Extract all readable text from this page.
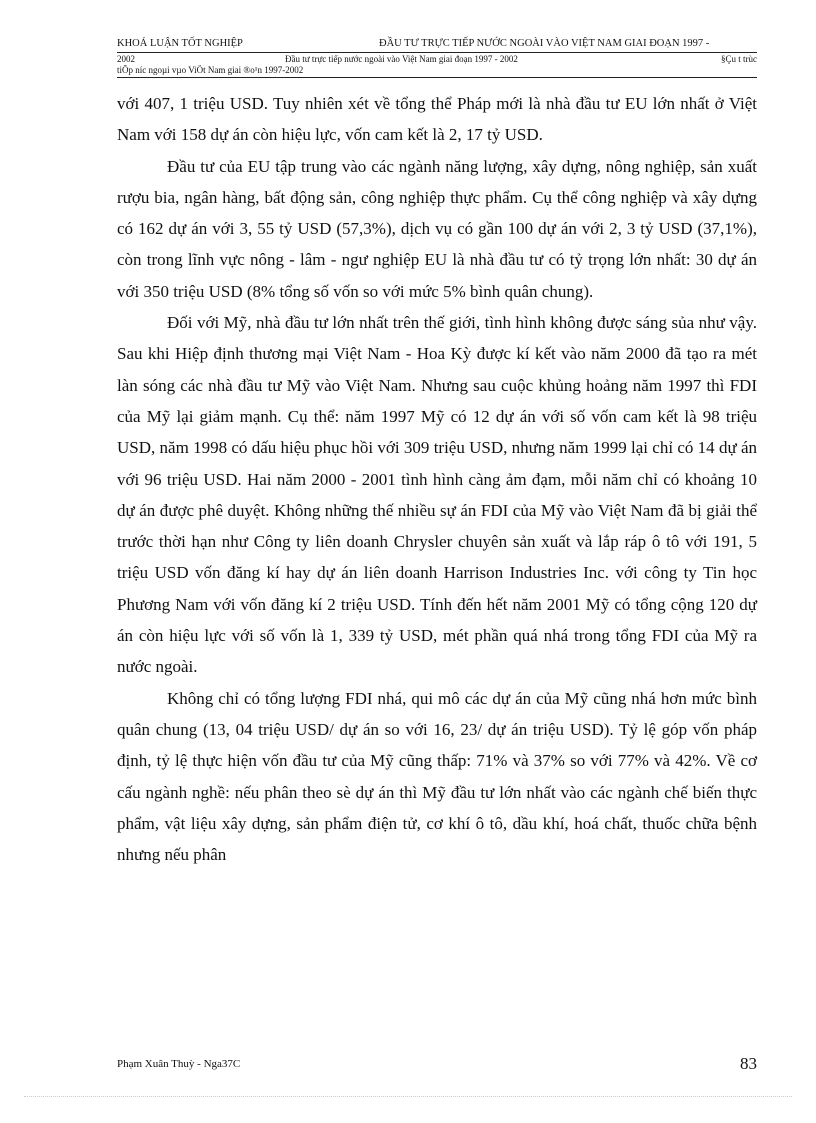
KHOÁ LUẬN TỐT NGHIỆP	ĐẦU TƯ TRỰC TIẾP NƯỚC NGOÀI VÀO VIỆT NAM GIAI ĐOẠN 1997 -
2002	Đầu tư trực tiếp nước ngoài vào Việt Nam giai đoạn 1997 - 2002	§Çu t trùc
tiÕp níc ngoµi vµo ViÖt Nam giai ®o¹n 1997-2002

với 407, 1 triệu USD. Tuy nhiên xét về tổng thể Pháp mới là nhà đầu tư EU lớn nhất ở Việt Nam với 158 dự án còn hiệu lực, vốn cam kết là 2, 17 tỷ USD.

Đầu tư của EU tập trung vào các ngành năng lượng, xây dựng, nông nghiệp, sản xuất rượu bia, ngân hàng, bất động sản, công nghiệp thực phẩm. Cụ thể công nghiệp và xây dựng có 162 dự án với 3, 55 tỷ USD (57,3%), dịch vụ có gần 100 dự án với 2, 3 tỷ USD (37,1%), còn trong lĩnh vực nông - lâm - ngư nghiệp EU là nhà đầu tư có tỷ trọng lớn nhất: 30 dự án với 350 triệu USD (8% tổng số vốn so với mức 5% bình quân chung).

Đối với Mỹ, nhà đầu tư lớn nhất trên thế giới, tình hình không được sáng sủa như vậy. Sau khi Hiệp định thương mại Việt Nam - Hoa Kỳ được kí kết vào năm 2000 đã tạo ra mét làn sóng các nhà đầu tư Mỹ vào Việt Nam. Nhưng sau cuộc khủng hoảng năm 1997 thì FDI của Mỹ lại giảm mạnh. Cụ thể: năm 1997 Mỹ có 12 dự án với số vốn cam kết là 98 triệu USD, năm 1998 có dấu hiệu phục hồi với 309 triệu USD, nhưng năm 1999 lại chỉ có 14 dự án với 96 triệu USD. Hai năm 2000 - 2001 tình hình càng ảm đạm, mỗi năm chỉ có khoảng 10 dự án được phê duyệt. Không những thế nhiều sự án FDI của Mỹ vào Việt Nam đã bị giải thể trước thời hạn như Công ty liên doanh Chrysler chuyên sản xuất và lắp ráp ô tô với 191, 5 triệu USD vốn đăng kí hay dự án liên doanh Harrison Industries Inc. với công ty Tin học Phương Nam với vốn đăng kí 2 triệu USD. Tính đến hết năm 2001 Mỹ có tổng cộng 120 dự án còn hiệu lực với số vốn là 1, 339 tỷ USD, mét phần quá nhá trong tổng FDI của Mỹ ra nước ngoài.

Không chỉ có tổng lượng FDI nhá, qui mô các dự án của Mỹ cũng nhá hơn mức bình quân chung (13, 04 triệu USD/ dự án so với 16, 23/ dự án triệu USD). Tỷ lệ góp vốn pháp định, tỷ lệ thực hiện vốn đầu tư của Mỹ cũng thấp: 71% và 37% so với 77% và 42%. Về cơ cấu ngành nghề: nếu phân theo sè dự án thì Mỹ đầu tư lớn nhất vào các ngành chế biến thực phẩm, vật liệu xây dựng, sản phẩm điện tử, cơ khí ô tô, dầu khí, hoá chất, thuốc chữa bệnh nhưng nếu phân

Phạm Xuân Thuỳ - Nga37C	83
